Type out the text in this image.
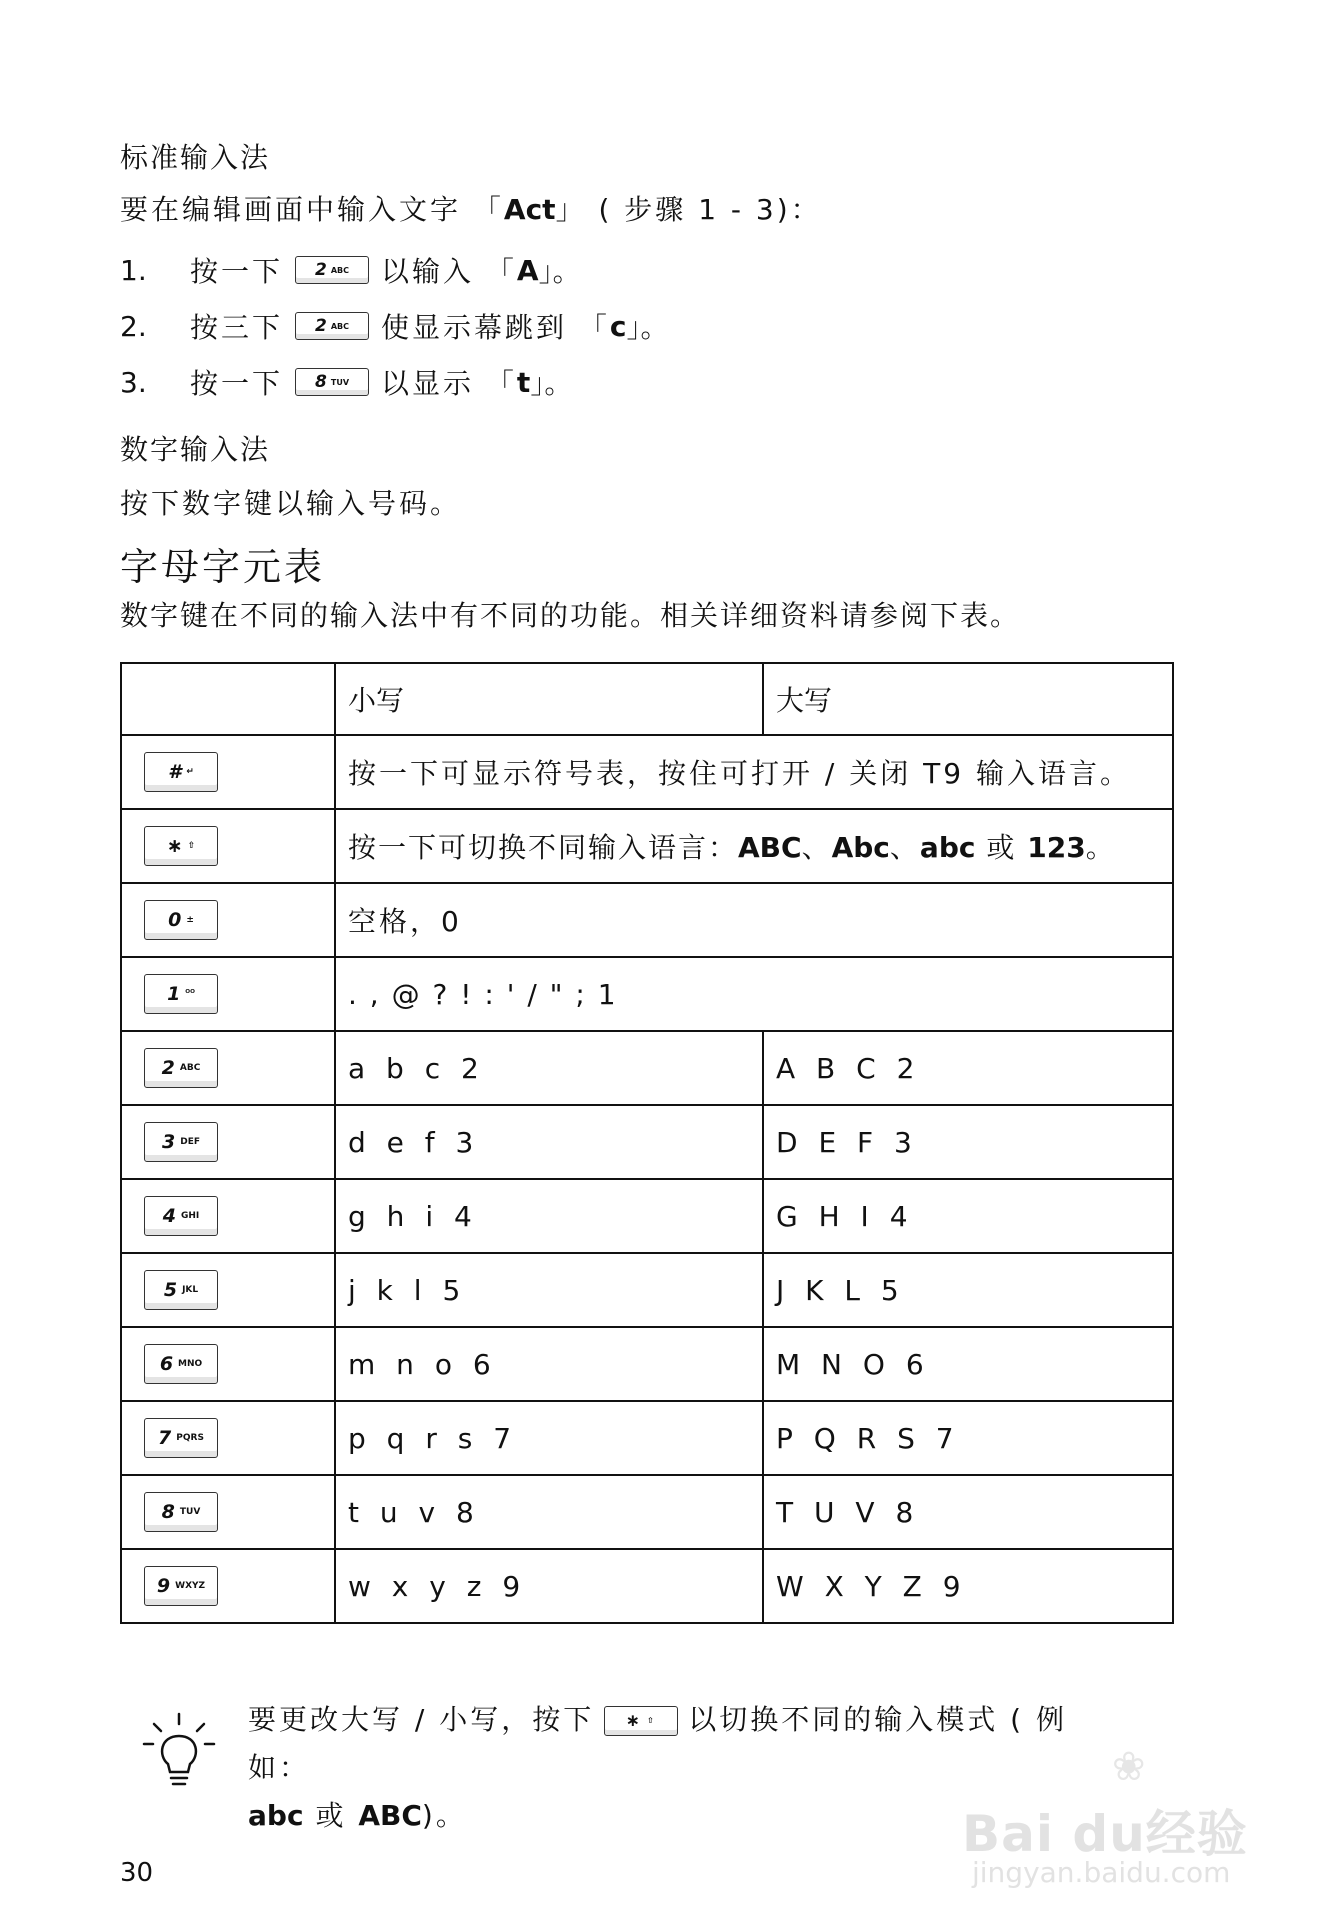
标准输入法
要在编辑画面中输入文字 「Act」 ( 步骤 1 - 3)：
1.	按一下 2 ABC 以输入 「 A 」。
2.	按三下 2 ABC 使显示幕跳到 「 c 」。
3.	按一下 8 TUV 以显示 「 t 」。
数字输入法
按下数字键以输入号码。
字母字元表
数字键在不同的输入法中有不同的功能。相关详细资料请参阅下表。
	小写	大写

# ↵	按一下可显示符号表，按住可打开 / 关闭 T9 输入语言。	

∗ ⇧	按一下可切换不同输入语言：ABC、Abc、abc 或 123。	

0 ±	空格，0	

1 ᴼᴼ	. , @ ? ! : ' / " ; 1	

2 ABC	a b c 2	A B C 2

3 DEF	d e f 3	D E F 3

4 GHI	g h i 4	G H I 4

5 JKL	j k l 5	J K L 5

6 MNO	m n o 6	M N O 6

7 PQRS	p q r s 7	P Q R S 7

8 TUV	t u v 8	T U V 8

9 WXYZ	w x y z 9	W X Y Z 9
要更改大写 / 小写，按下 ∗ ⇧ 以切换不同的输入模式 ( 例如：
abc 或 ABC)。
30
❀
Bai du经验
jingyan.baidu.com
